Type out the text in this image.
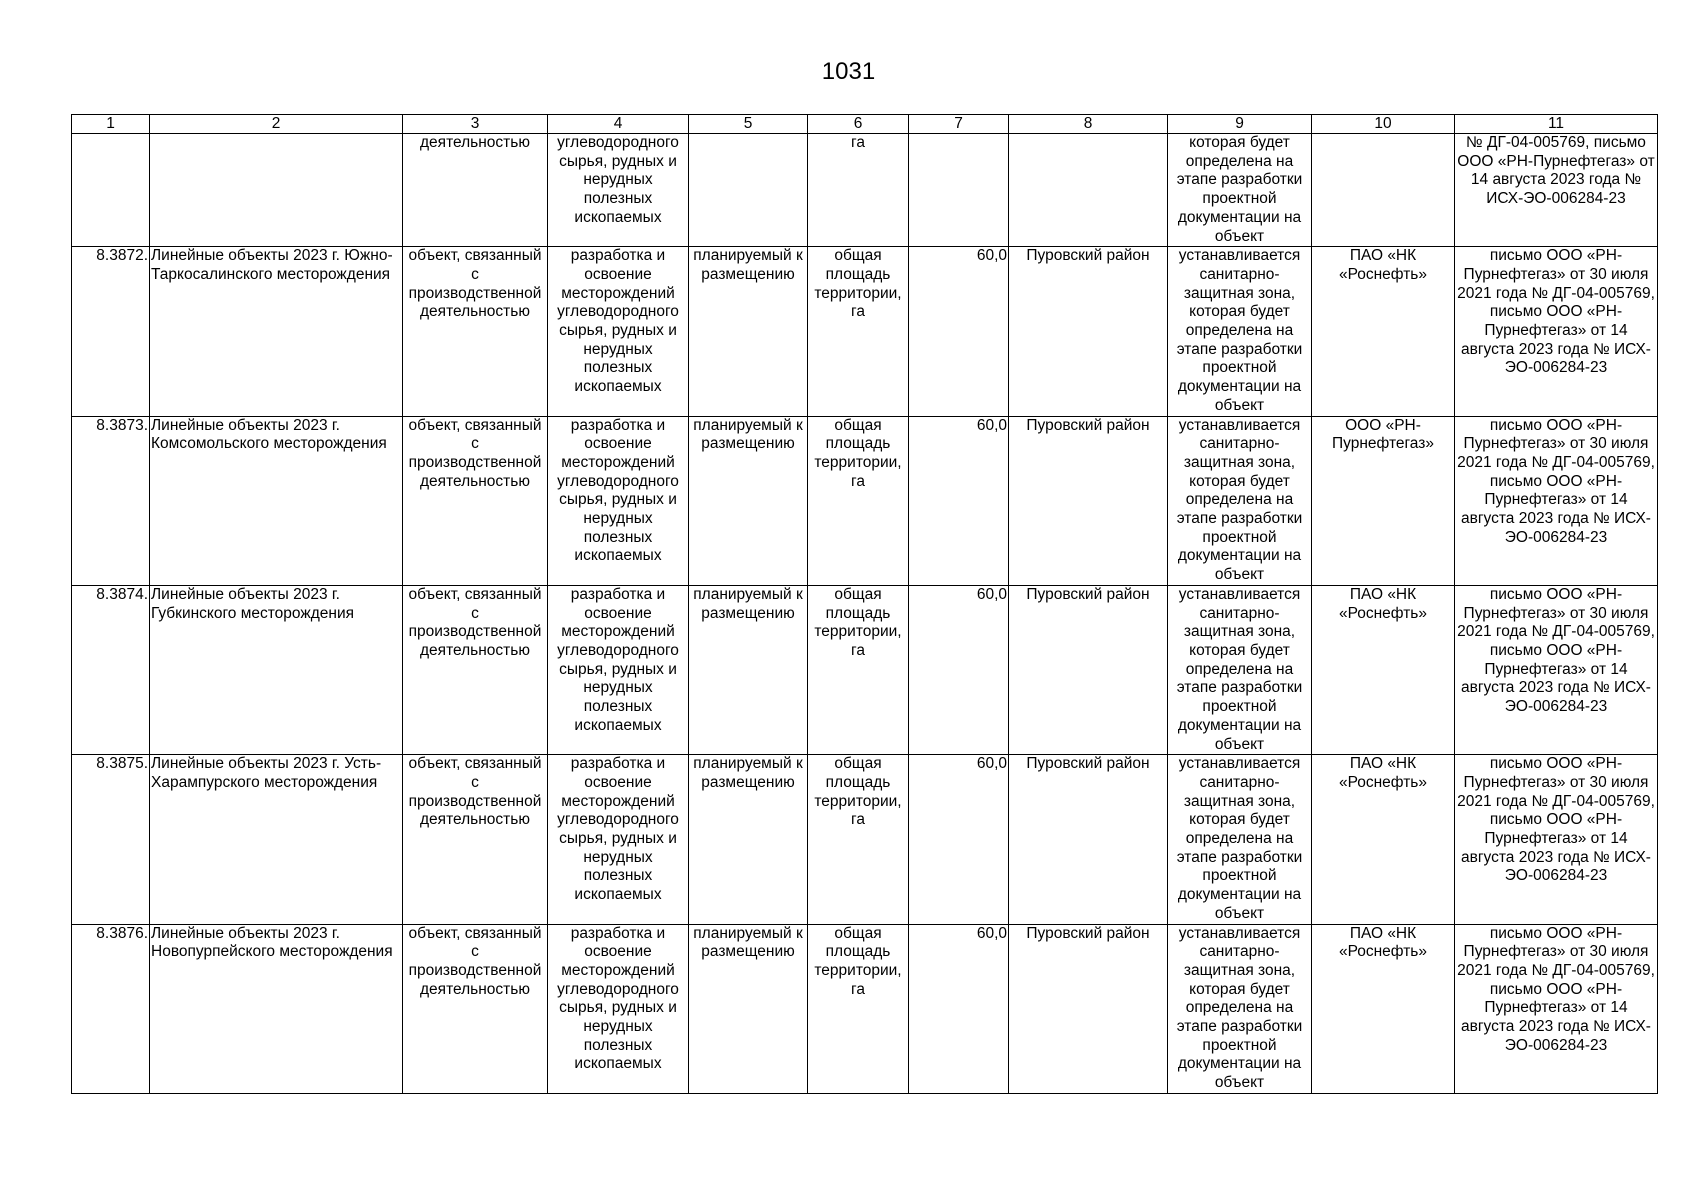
1031
1	2	3	4	5	6	7	8	9	10	11
		деятельностью	углеводородного сырья, рудных и нерудных полезных ископаемых		га			которая будет определена на этапе разработки проектной документации на объект		№ ДГ-04-005769, письмо ООО «РН-Пурнефтегаз» от 14 августа 2023 года № ИСХ-ЭО-006284-23
8.3872.	Линейные объекты 2023 г. Южно-Таркосалинского месторождения	объект, связанный с производственной деятельностью	разработка и освоение месторождений углеводородного сырья, рудных и нерудных полезных ископаемых	планируемый к размещению	общая площадь территории, га	60,0	Пуровский район	устанавливается санитарно-защитная зона, которая будет определена на этапе разработки проектной документации на объект	ПАО «НК «Роснефть»	письмо ООО «РН-Пурнефтегаз» от 30 июля 2021 года № ДГ-04-005769, письмо ООО «РН-Пурнефтегаз» от 14 августа 2023 года № ИСХ-ЭО-006284-23
8.3873.	Линейные объекты 2023 г. Комсомольского месторождения	объект, связанный с производственной деятельностью	разработка и освоение месторождений углеводородного сырья, рудных и нерудных полезных ископаемых	планируемый к размещению	общая площадь территории, га	60,0	Пуровский район	устанавливается санитарно-защитная зона, которая будет определена на этапе разработки проектной документации на объект	ООО «РН-Пурнефтегаз»	письмо ООО «РН-Пурнефтегаз» от 30 июля 2021 года № ДГ-04-005769, письмо ООО «РН-Пурнефтегаз» от 14 августа 2023 года № ИСХ-ЭО-006284-23
8.3874.	Линейные объекты 2023 г. Губкинского месторождения	объект, связанный с производственной деятельностью	разработка и освоение месторождений углеводородного сырья, рудных и нерудных полезных ископаемых	планируемый к размещению	общая площадь территории, га	60,0	Пуровский район	устанавливается санитарно-защитная зона, которая будет определена на этапе разработки проектной документации на объект	ПАО «НК «Роснефть»	письмо ООО «РН-Пурнефтегаз» от 30 июля 2021 года № ДГ-04-005769, письмо ООО «РН-Пурнефтегаз» от 14 августа 2023 года № ИСХ-ЭО-006284-23
8.3875.	Линейные объекты 2023 г. Усть-Харампурского месторождения	объект, связанный с производственной деятельностью	разработка и освоение месторождений углеводородного сырья, рудных и нерудных полезных ископаемых	планируемый к размещению	общая площадь территории, га	60,0	Пуровский район	устанавливается санитарно-защитная зона, которая будет определена на этапе разработки проектной документации на объект	ПАО «НК «Роснефть»	письмо ООО «РН-Пурнефтегаз» от 30 июля 2021 года № ДГ-04-005769, письмо ООО «РН-Пурнефтегаз» от 14 августа 2023 года № ИСХ-ЭО-006284-23
8.3876.	Линейные объекты 2023 г. Новопурпейского месторождения	объект, связанный с производственной деятельностью	разработка и освоение месторождений углеводородного сырья, рудных и нерудных полезных ископаемых	планируемый к размещению	общая площадь территории, га	60,0	Пуровский район	устанавливается санитарно-защитная зона, которая будет определена на этапе разработки проектной документации на объект	ПАО «НК «Роснефть»	письмо ООО «РН-Пурнефтегаз» от 30 июля 2021 года № ДГ-04-005769, письмо ООО «РН-Пурнефтегаз» от 14 августа 2023 года № ИСХ-ЭО-006284-23
